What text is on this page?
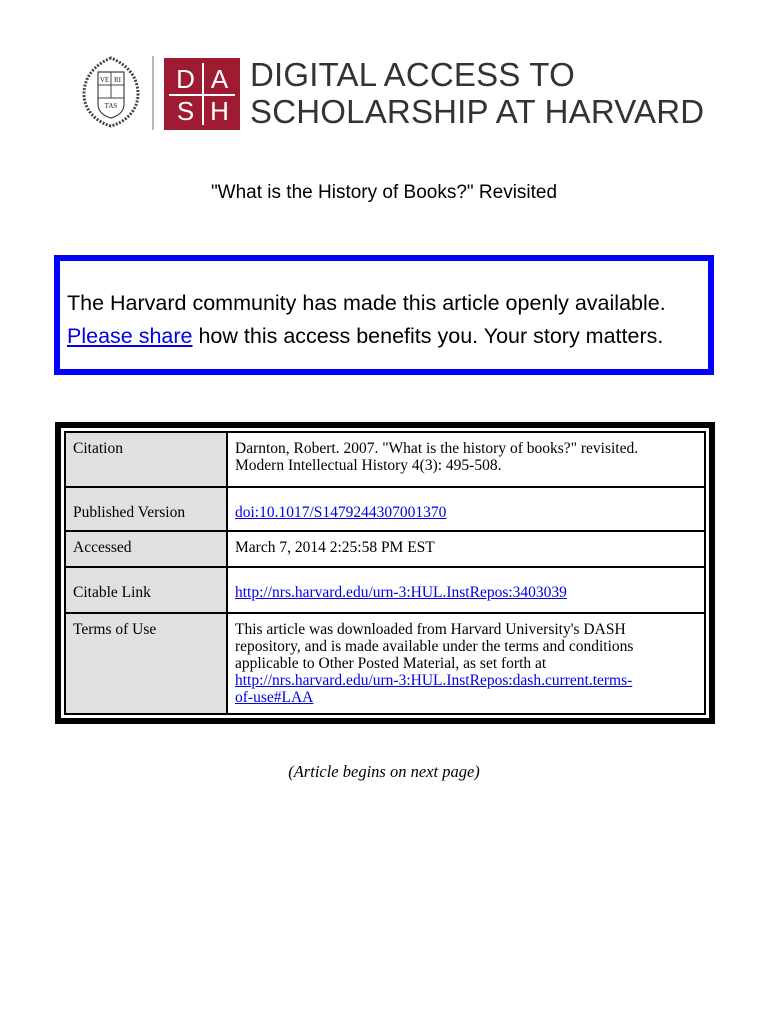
VE RI
TAS
D A
S H
DIGITAL ACCESS TO
SCHOLARSHIP AT HARVARD
"What is the History of Books?" Revisited
The Harvard community has made this article openly available.
Please share how this access benefits you. Your story matters.
Citation	Darnton, Robert. 2007. "What is the history of books?" revisited.
Modern Intellectual History 4(3): 495-508.

Published Version	doi:10.1017/S1479244307001370
Accessed	March 7, 2014 2:25:58 PM EST
Citable Link	http://nrs.harvard.edu/urn-3:HUL.InstRepos:3403039
Terms of Use	This article was downloaded from Harvard University's DASH
repository, and is made available under the terms and conditions
applicable to Other Posted Material, as set forth at
http://nrs.harvard.edu/urn-3:HUL.InstRepos:dash.current.terms-
of-use#LAA
(Article begins on next page)
